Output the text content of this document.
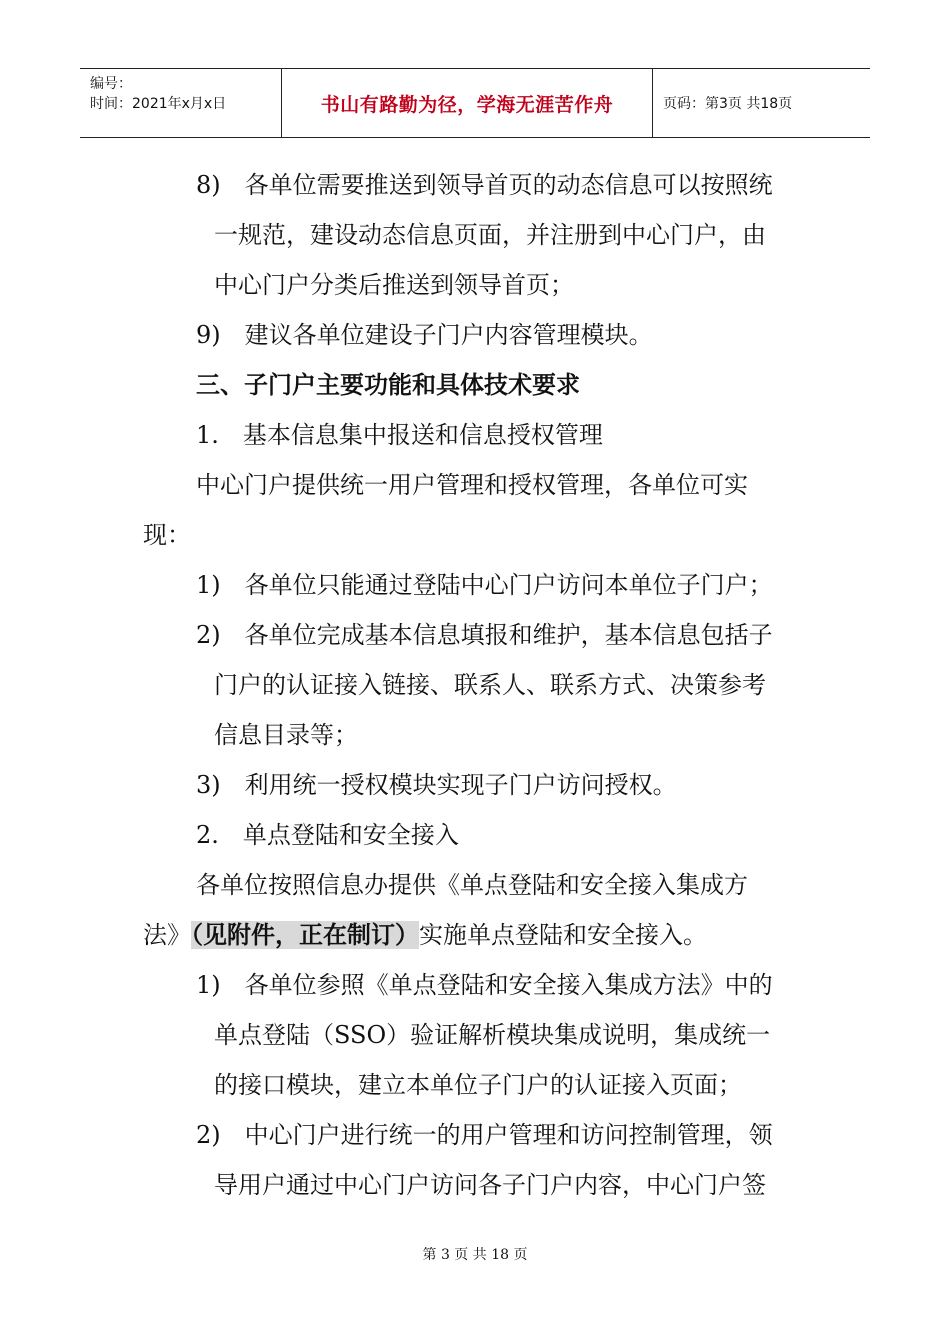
编号：
时间：2021年x月x日	书山有路勤为径，学海无涯苦作舟	页码：第3页 共18页
8)　各单位需要推送到领导首页的动态信息可以按照统
一规范，建设动态信息页面，并注册到中心门户，由
中心门户分类后推送到领导首页；
9)　建议各单位建设子门户内容管理模块。
三、子门户主要功能和具体技术要求
1.　基本信息集中报送和信息授权管理
中心门户提供统一用户管理和授权管理，各单位可实
现：
1)　各单位只能通过登陆中心门户访问本单位子门户；
2)　各单位完成基本信息填报和维护，基本信息包括子
门户的认证接入链接、联系人、联系方式、决策参考
信息目录等；
3)　利用统一授权模块实现子门户访问授权。
2.　单点登陆和安全接入
各单位按照信息办提供《单点登陆和安全接入集成方
法》（见附件，正在制订）实施单点登陆和安全接入。
1)　各单位参照《单点登陆和安全接入集成方法》中的
单点登陆（SSO）验证解析模块集成说明，集成统一
的接口模块，建立本单位子门户的认证接入页面；
2)　中心门户进行统一的用户管理和访问控制管理，领
导用户通过中心门户访问各子门户内容，中心门户签
第 3 页 共 18 页
